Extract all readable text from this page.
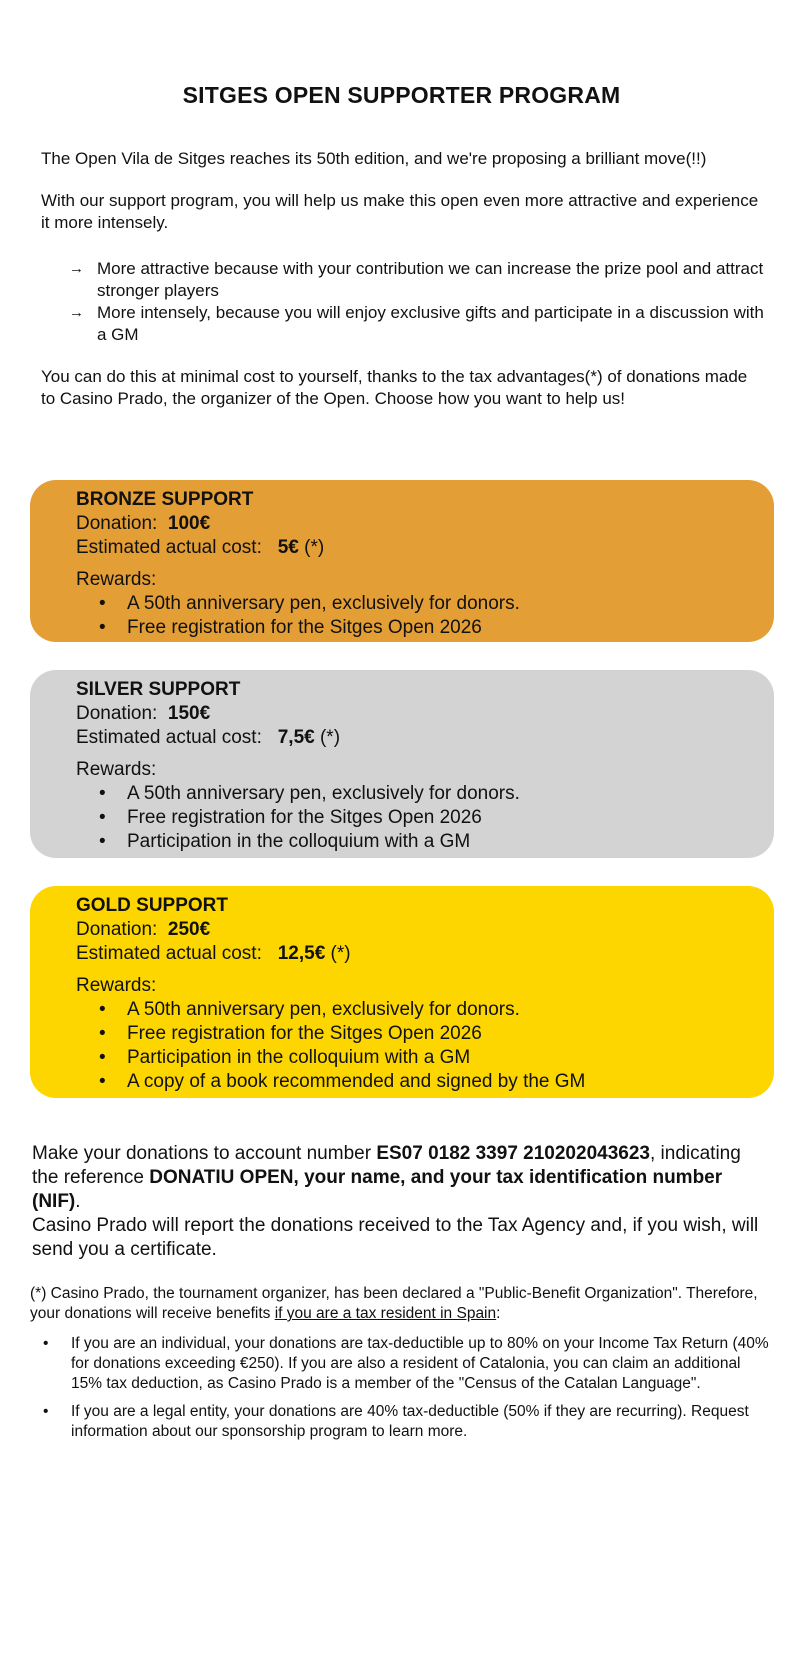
SITGES OPEN SUPPORTER PROGRAM
The Open Vila de Sitges reaches its 50th edition, and we're proposing a brilliant move(!!)
With our support program, you will help us make this open even more attractive and experience it more intensely.
→ More attractive because with your contribution we can increase the prize pool and attract stronger players
→ More intensely, because you will enjoy exclusive gifts and participate in a discussion with a GM
You can do this at minimal cost to yourself, thanks to the tax advantages(*) of donations made to Casino Prado, the organizer of the Open. Choose how you want to help us!
BRONZE SUPPORT
Donation: 100€
Estimated actual cost: 5€ (*)
Rewards:
• A 50th anniversary pen, exclusively for donors.
• Free registration for the Sitges Open 2026
SILVER SUPPORT
Donation: 150€
Estimated actual cost: 7,5€ (*)
Rewards:
• A 50th anniversary pen, exclusively for donors.
• Free registration for the Sitges Open 2026
• Participation in the colloquium with a GM
GOLD SUPPORT
Donation: 250€
Estimated actual cost: 12,5€ (*)
Rewards:
• A 50th anniversary pen, exclusively for donors.
• Free registration for the Sitges Open 2026
• Participation in the colloquium with a GM
• A copy of a book recommended and signed by the GM
Make your donations to account number ES07 0182 3397 210202043623, indicating the reference DONATIU OPEN, your name, and your tax identification number (NIF).
Casino Prado will report the donations received to the Tax Agency and, if you wish, will send you a certificate.
(*) Casino Prado, the tournament organizer, has been declared a "Public-Benefit Organization". Therefore, your donations will receive benefits if you are a tax resident in Spain:
• If you are an individual, your donations are tax-deductible up to 80% on your Income Tax Return (40% for donations exceeding €250). If you are also a resident of Catalonia, you can claim an additional 15% tax deduction, as Casino Prado is a member of the "Census of the Catalan Language".
• If you are a legal entity, your donations are 40% tax-deductible (50% if they are recurring). Request information about our sponsorship program to learn more.
